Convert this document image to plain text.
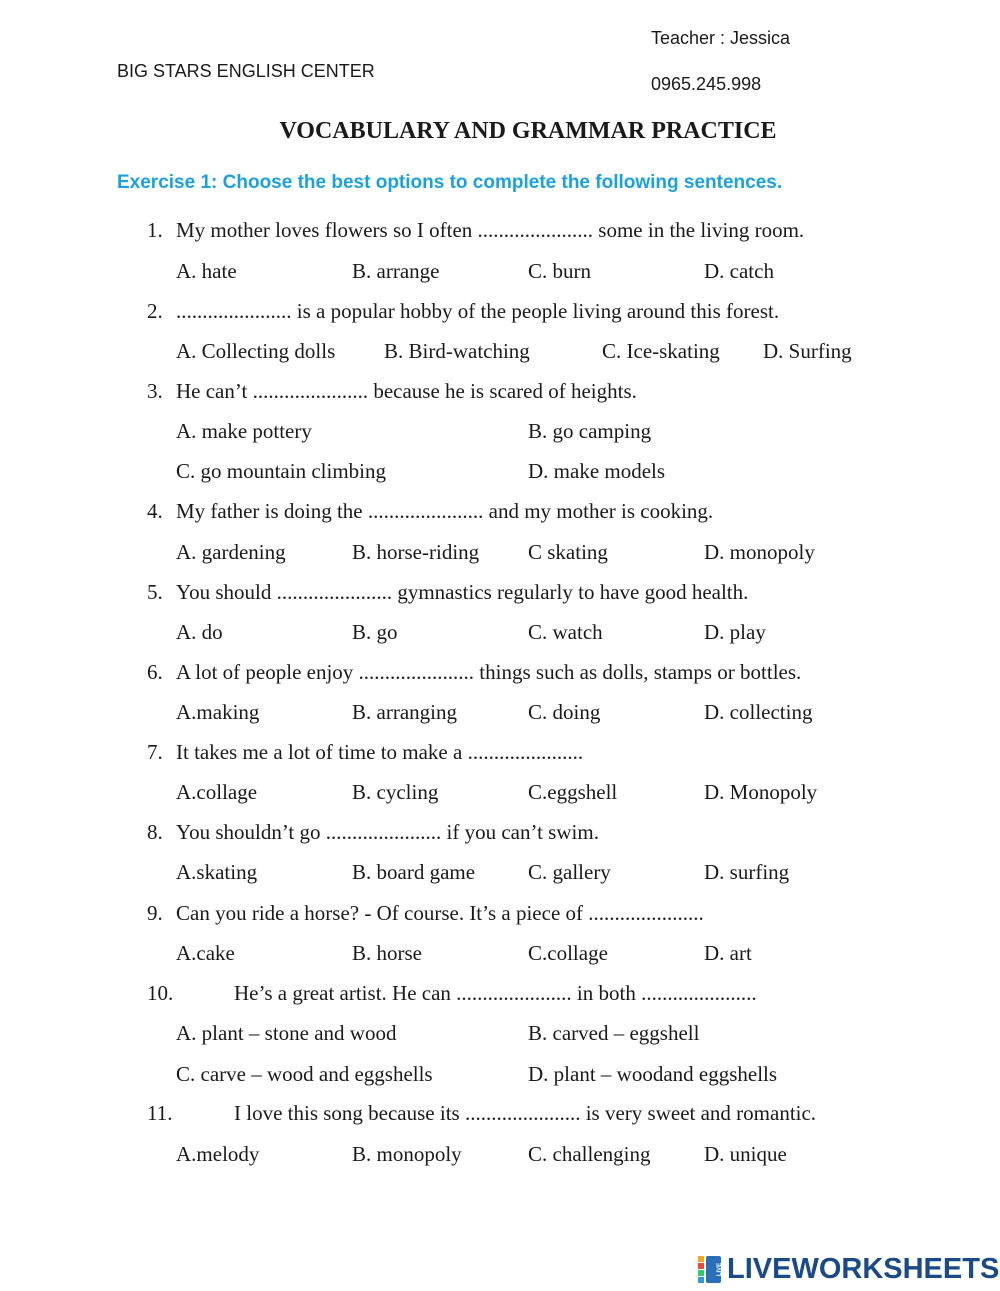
BIG STARS ENGLISH CENTER
Teacher : Jessica
0965.245.998
VOCABULARY AND GRAMMAR PRACTICE
Exercise 1: Choose the best options to complete the following sentences.
1. My mother loves flowers so I often ...................... some in the living room.
A. hate	B. arrange	C. burn	D. catch
2. ...................... is a popular hobby of the people living around this forest.
A. Collecting dolls B. Bird-watching	C. Ice-skating D. Surfing
3. He can’t ...................... because he is scared of heights.
A. make pottery	B. go camping
C. go mountain climbing	D. make models
4. My father is doing the ...................... and my mother is cooking.
A. gardening	B. horse-riding C skating	D. monopoly
5. You should ...................... gymnastics regularly to have good health.
A. do	B. go	C. watch	D. play
6. A lot of people enjoy ...................... things such as dolls, stamps or bottles.
A.making	B. arranging	C. doing	D. collecting
7. It takes me a lot of time to make a ......................
A.collage	B. cycling	C.eggshell	D. Monopoly
8. You shouldn’t go ...................... if you can’t swim.
A.skating	B. board game	C. gallery	D. surfing
9. Can you ride a horse? - Of course. It’s a piece of ......................
A.cake	B. horse	C.collage	D. art
10.	He’s a great artist. He can ...................... in both ......................
A. plant – stone and wood	B. carved – eggshell
C. carve – wood and eggshells	D. plant – woodand eggshells
11.	I love this song because its ...................... is very sweet and romantic.
A.melody	B. monopoly	C. challenging	D. unique
LIVE LIVEWORKSHEETS
